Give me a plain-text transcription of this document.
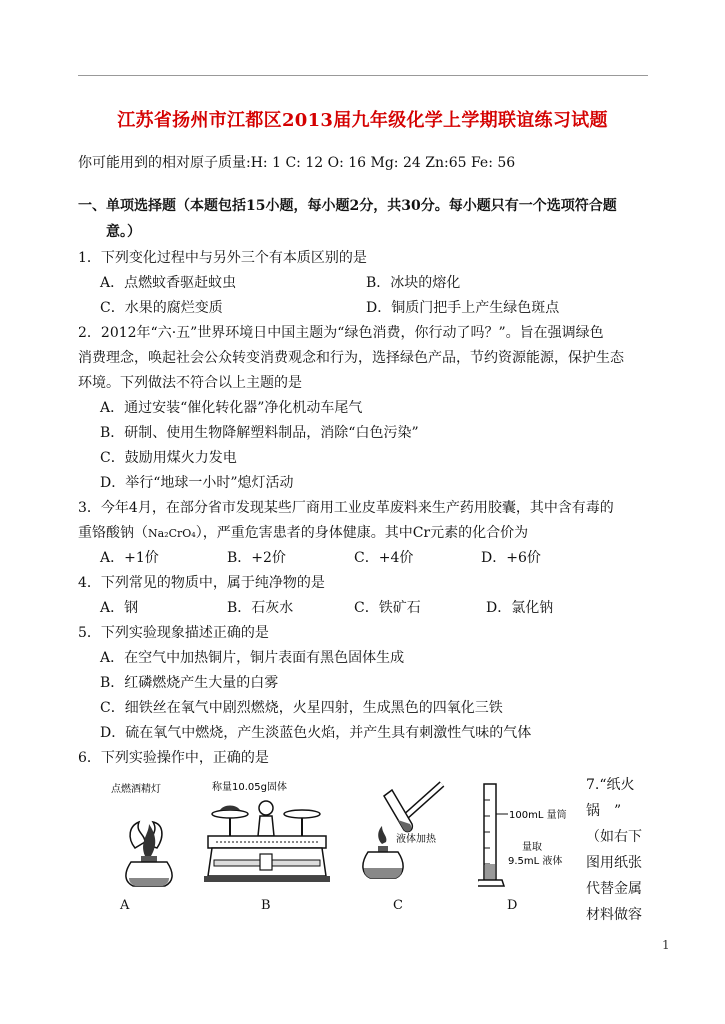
江苏省扬州市江都区2013届九年级化学上学期联谊练习试题
你可能用到的相对原子质量:H: 1 C: 12 O: 16 Mg: 24 Zn:65 Fe: 56
一、单项选择题（本题包括15小题，每小题2分，共30分。每小题只有一个选项符合题
意。）
1．下列变化过程中与另外三个有本质区别的是
A．点燃蚊香驱赶蚊虫	B．冰块的熔化
C．水果的腐烂变质	D．铜质门把手上产生绿色斑点
2．2012年“六·五”世界环境日中国主题为“绿色消费，你行动了吗？”。旨在强调绿色
消费理念，唤起社会公众转变消费观念和行为，选择绿色产品，节约资源能源，保护生态
环境。下列做法不符合以上主题的是
A．通过安装“催化转化器”净化机动车尾气
B．研制、使用生物降解塑料制品，消除“白色污染”
C．鼓励用煤火力发电
D．举行“地球一小时”熄灯活动
3．今年4月，在部分省市发现某些厂商用工业皮革废料来生产药用胶囊，其中含有毒的
重铬酸钠（Na₂CrO₄），严重危害患者的身体健康。其中Cr元素的化合价为
A．+1价	B．+2价	C．+4价	D．+6价
4．下列常见的物质中，属于纯净物的是
A．钢	B．石灰水	C．铁矿石	D．氯化钠
5．下列实验现象描述正确的是
A．在空气中加热铜片，铜片表面有黑色固体生成
B．红磷燃烧产生大量的白雾
C．细铁丝在氧气中剧烈燃烧，火星四射，生成黑色的四氧化三铁
D．硫在氧气中燃烧，产生淡蓝色火焰，并产生具有刺激性气味的气体
6．下列实验操作中，正确的是
点燃酒精灯	称量10.05g固体
液体加热
100mL 量筒
量取
9.5mL 液体
A	B	C	D
7.“纸火
锅　”
（如右下
图用纸张
代替金属
材料做容
1
